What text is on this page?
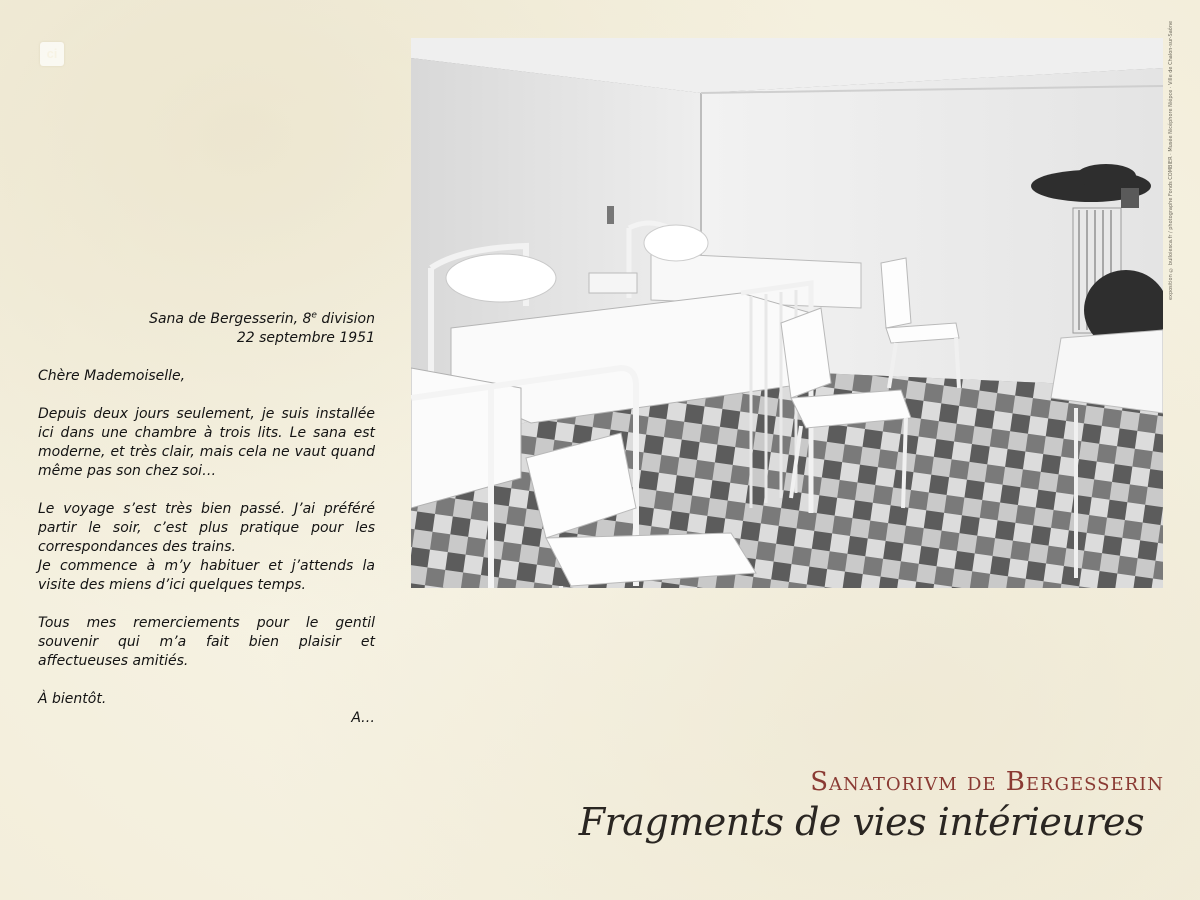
ci

Sana de Bergesserin, 8e division

22 septembre 1951

Chère Mademoiselle,

Depuis deux jours seulement, je suis installée ici dans une chambre à trois lits. Le sana est moderne, et très clair, mais cela ne vaut quand même pas son chez soi…

Le voyage s’est très bien passé. J’ai préféré partir le soir, c’est plus pratique pour les correspondances des trains.

Je commence à m’y habituer et j’attends la visite des miens d’ici quelques temps.

Tous mes remerciements pour le gentil souvenir qui m’a fait bien plaisir et affectueuses amitiés.

À bientôt.

A…

exposition © bulloiesca.fr / photographe Fonds COMBIER · Musée Nicéphore Niépce · Ville de Chalon-sur-Saône
Sanatorivm de Bergesserin
Fragments de vies intérieures
